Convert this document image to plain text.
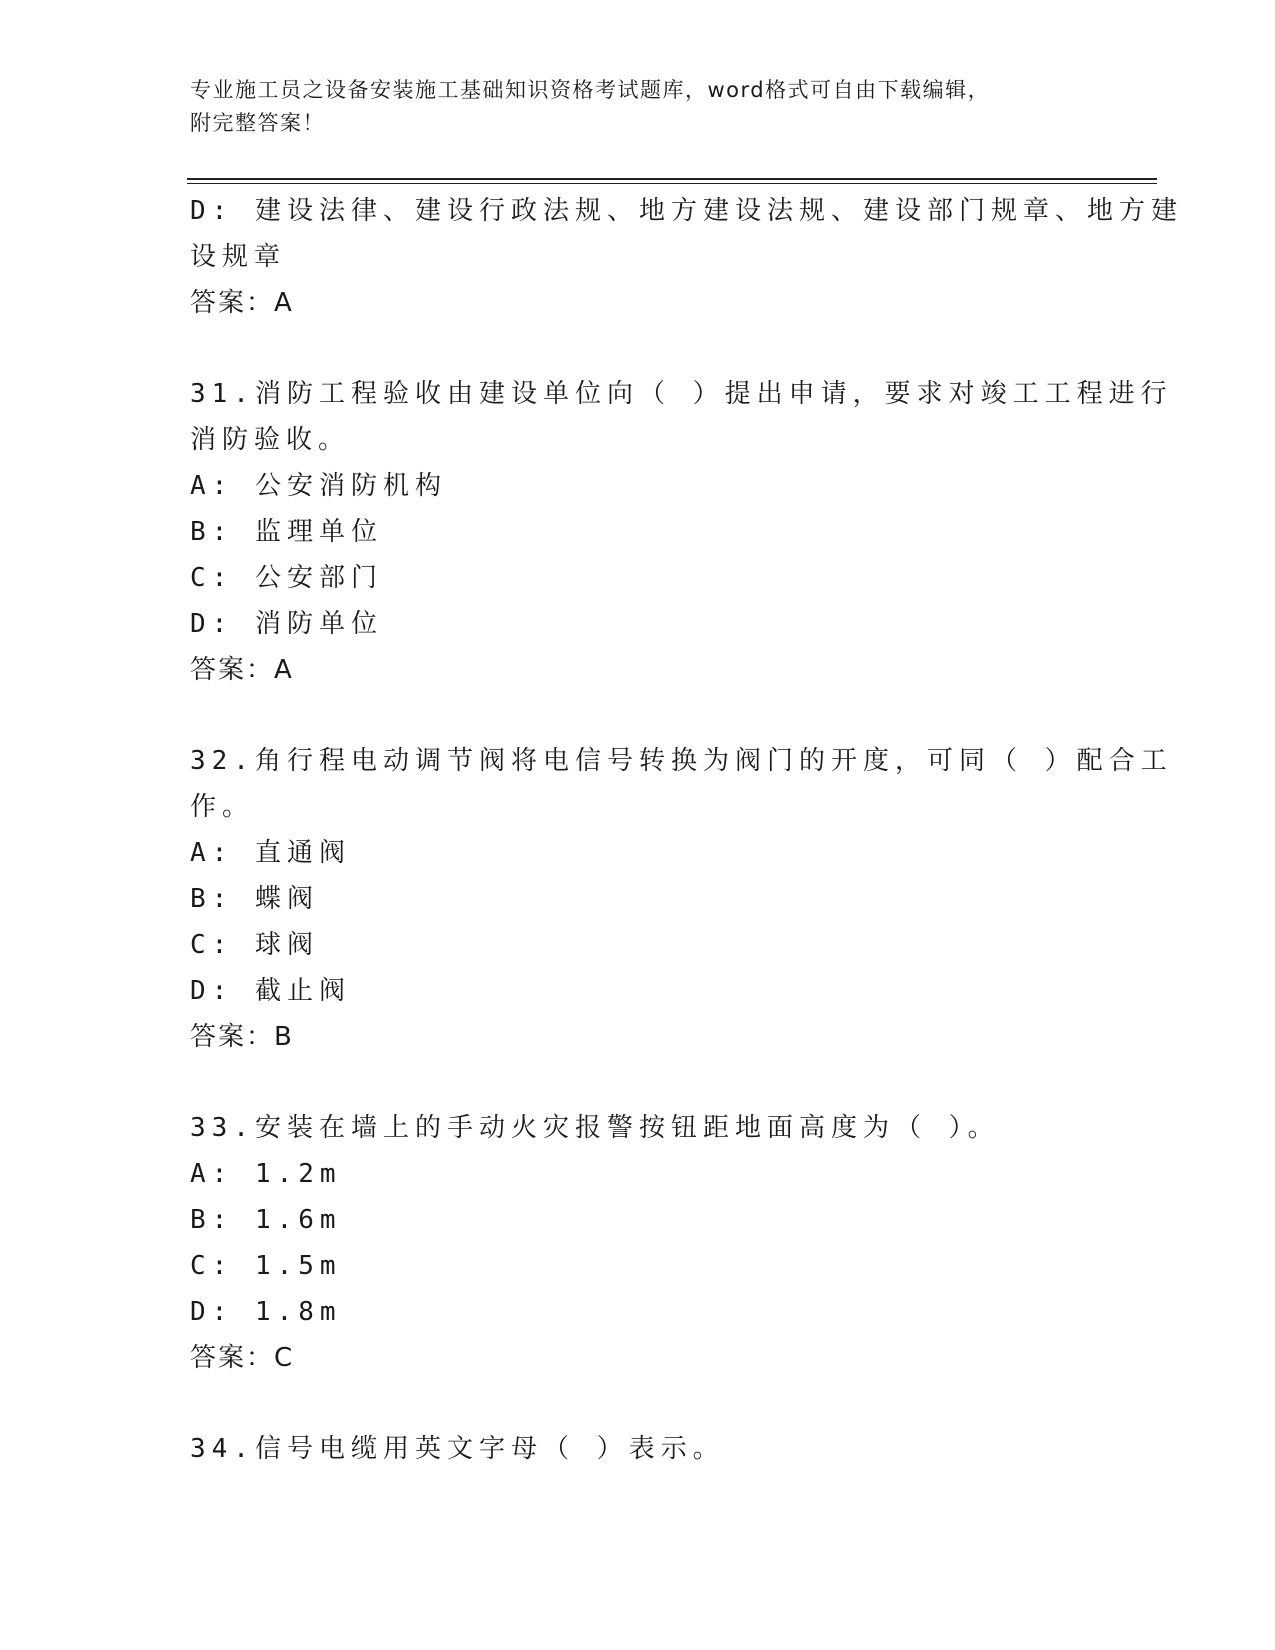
专业施工员之设备安装施工基础知识资格考试题库，word格式可自由下载编辑，
附完整答案！
D: 建设法律、建设行政法规、地方建设法规、建设部门规章、地方建
设规章
答案：A
31.消防工程验收由建设单位向（ ）提出申请，要求对竣工工程进行
消防验收。
A: 公安消防机构
B: 监理单位
C: 公安部门
D: 消防单位
答案：A
32.角行程电动调节阀将电信号转换为阀门的开度，可同（ ）配合工
作。
A: 直通阀
B: 蝶阀
C: 球阀
D: 截止阀
答案：B
33.安装在墙上的手动火灾报警按钮距地面高度为（ ）。
A: 1.2m
B: 1.6m
C: 1.5m
D: 1.8m
答案：C
34.信号电缆用英文字母（ ）表示。
